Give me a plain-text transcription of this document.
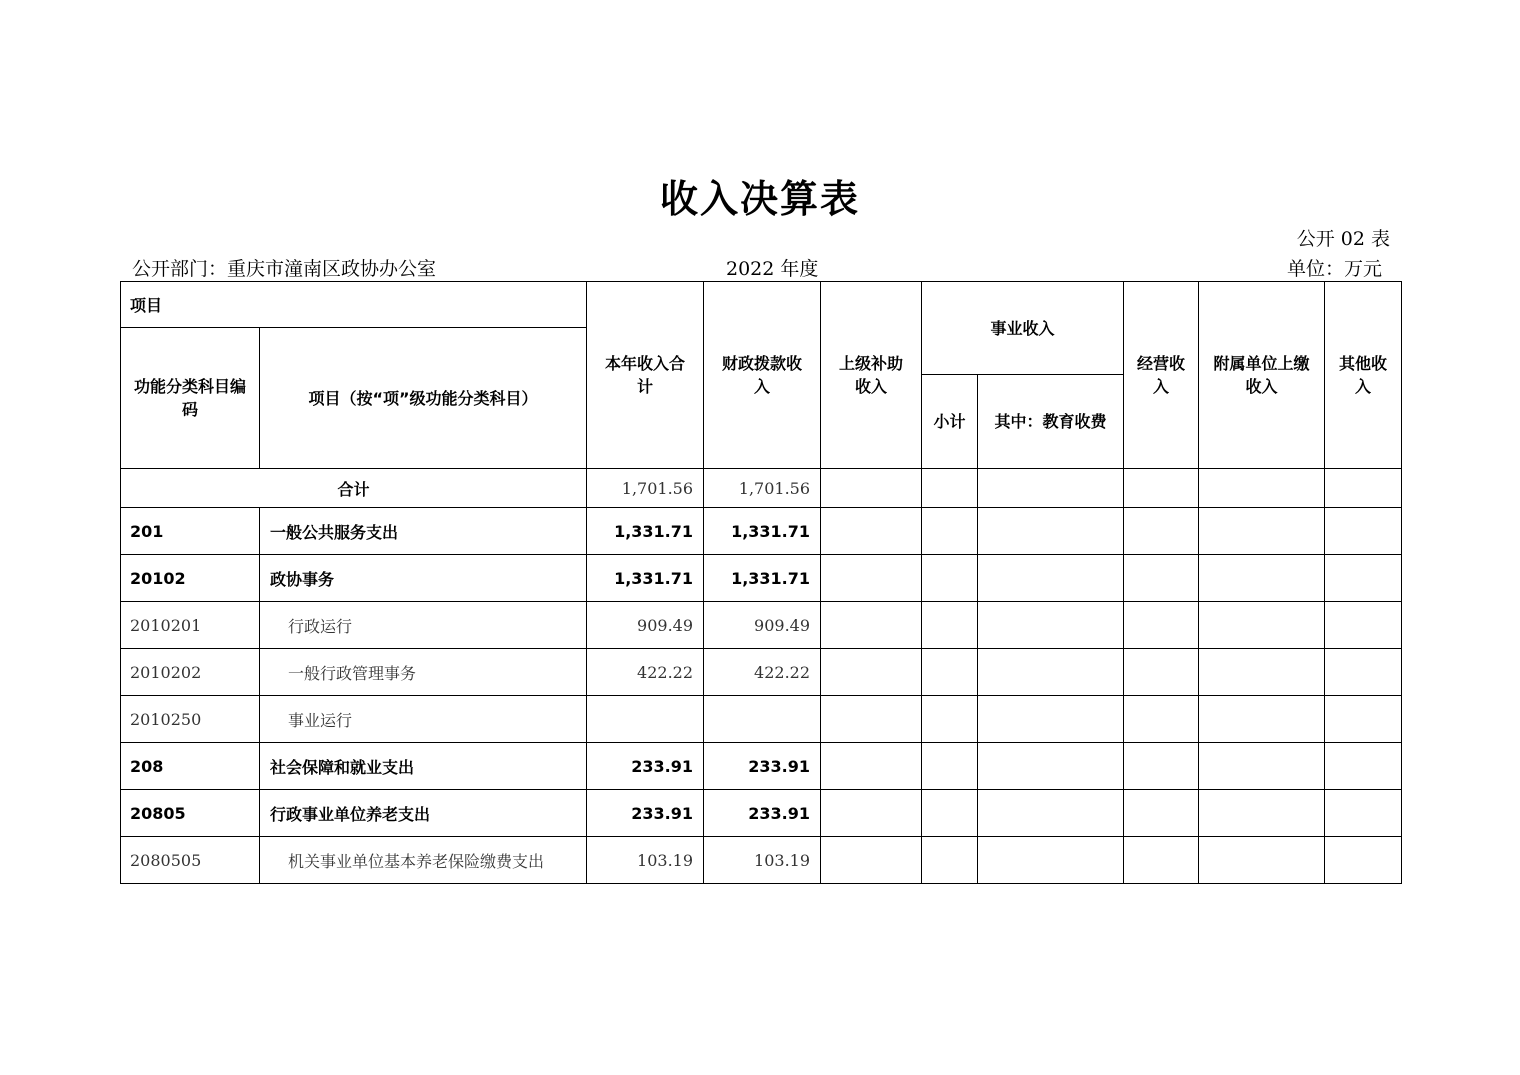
收入决算表
公开 02 表
公开部门：重庆市潼南区政协办公室	2022 年度	单位：万元
项目		本年收入合计	财政拨款收入	上级补助收入	事业收入		经营收入	附属单位上缴收入	其他收入
功能分类科目编码	项目（按“项”级功能分类科目）								
					小计	其中：教育收费			
合计		1,701.56	1,701.56						
201	一般公共服务支出	1,331.71	1,331.71						
20102	政协事务	1,331.71	1,331.71						
2010201	行政运行	909.49	909.49						
2010202	一般行政管理事务	422.22	422.22						
2010250	事业运行								
208	社会保障和就业支出	233.91	233.91						
20805	行政事业单位养老支出	233.91	233.91						
2080505	机关事业单位基本养老保险缴费支出	103.19	103.19						
